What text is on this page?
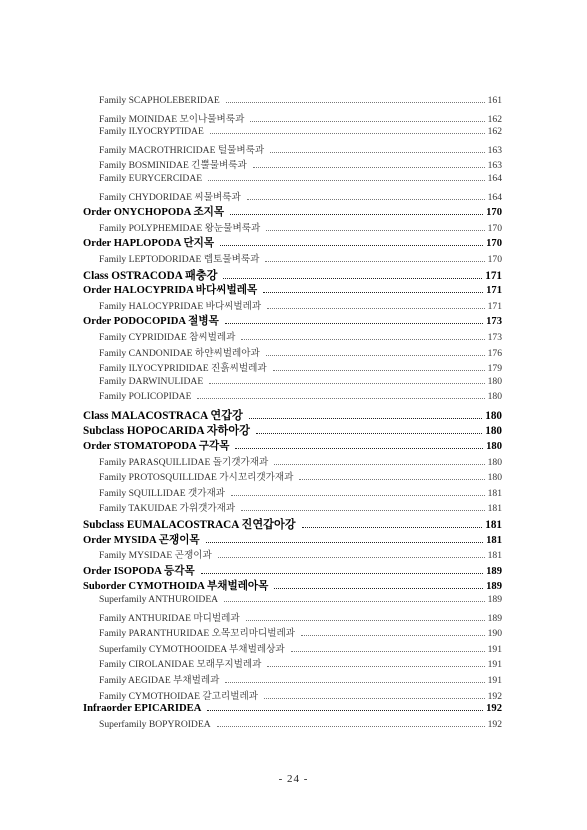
Family SCAPHOLEBERIDAE	161
Family MOINIDAE 모이나물벼룩과	162
Family ILYOCRYPTIDAE	162
Family MACROTHRICIDAE 털물벼룩과	163
Family BOSMINIDAE 긴뿔물벼룩과	163
Family EURYCERCIDAE	164
Family CHYDORIDAE 씨물벼룩과	164
Order ONYCHOPODA 조지목	170
Family POLYPHEMIDAE 왕눈물벼룩과	170
Order HAPLOPODA 단지목	170
Family LEPTODORIDAE 렙토물벼룩과	170
Class OSTRACODA 패충강	171
Order HALOCYPRIDA 바다씨벌레목	171
Family HALOCYPRIDAE 바다씨벌레과	171
Order PODOCOPIDA 절병목	173
Family CYPRIDIDAE 참씨벌레과	173
Family CANDONIDAE 하얀씨벌레아과	176
Family ILYOCYPRIDIDAE 진흙씨벌레과	179
Family DARWINULIDAE	180
Family POLICOPIDAE	180
Class MALACOSTRACA 연갑강	180
Subclass HOPOCARIDA 자하아강	180
Order STOMATOPODA 구각목	180
Family PARASQUILLIDAE 돌기갯가재과	180
Family PROTOSQUILLIDAE 가시꼬리갯가재과	180
Family SQUILLIDAE 갯가재과	181
Family TAKUIDAE 가위갯가재과	181
Subclass EUMALACOSTRACA 진연갑아강	181
Order MYSIDA 곤쟁이목	181
Family MYSIDAE 곤쟁이과	181
Order ISOPODA 등각목	189
Suborder CYMOTHOIDA 부채벌레아목	189
Superfamily ANTHUROIDEA	189
Family ANTHURIDAE 마디벌레과	189
Family PARANTHURIDAE 오목꼬리마디벌레과	190
Superfamily CYMOTHOOIDEA 부채벌레상과	191
Family CIROLANIDAE 모래무지벌레과	191
Family AEGIDAE 부채벌레과	191
Family CYMOTHOIDAE 갈고리벌레과	192
Infraorder EPICARIDEA	192
Superfamily BOPYROIDEA	192
- 24 -
